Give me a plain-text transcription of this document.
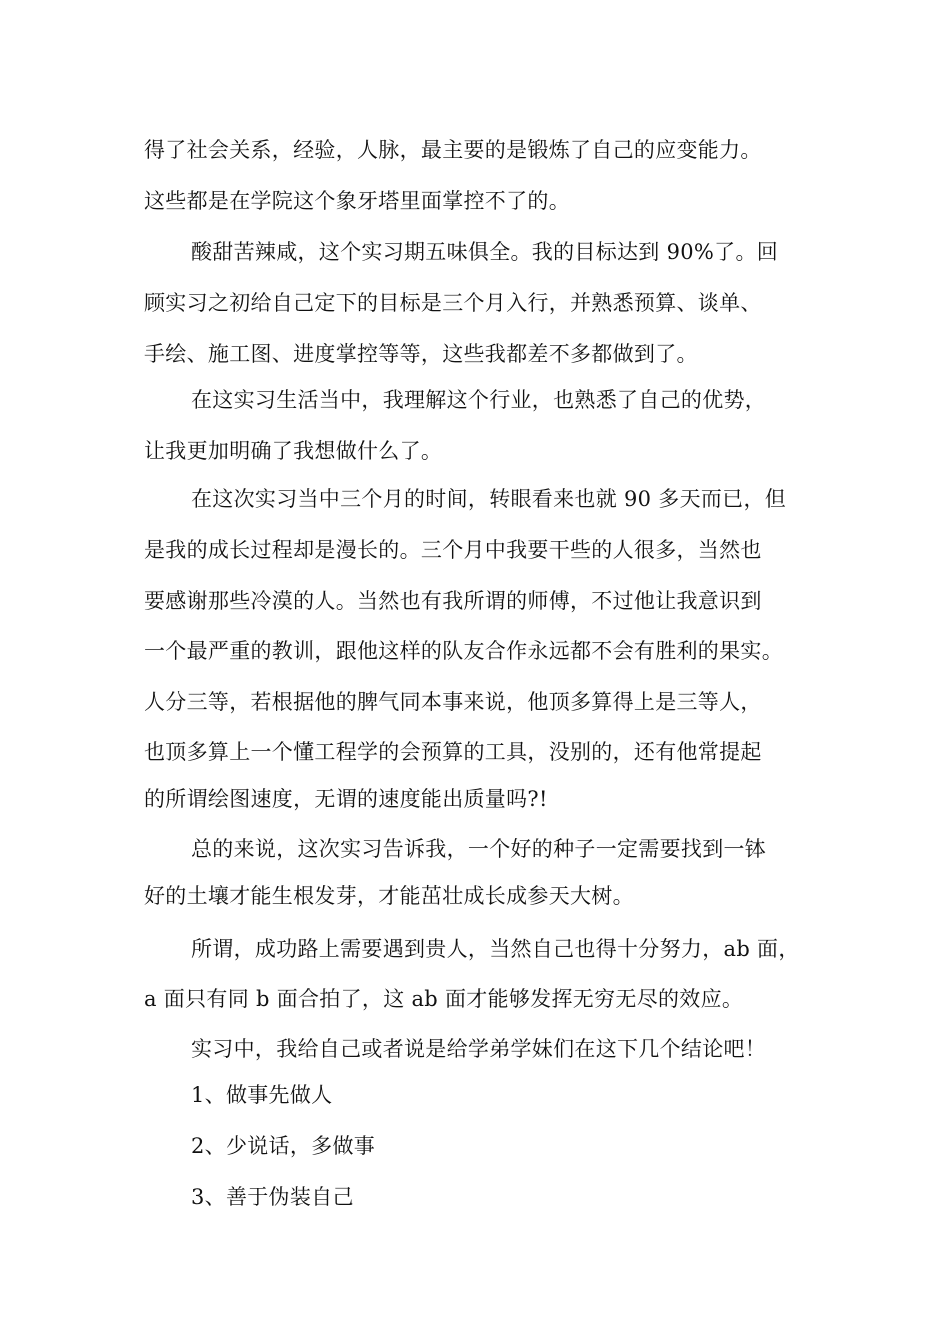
得了社会关系，经验，人脉，最主要的是锻炼了自己的应变能力。
这些都是在学院这个象牙塔里面掌控不了的。
酸甜苦辣咸，这个实习期五味俱全。我的目标达到 90%了。回
顾实习之初给自己定下的目标是三个月入行，并熟悉预算、谈单、
手绘、施工图、进度掌控等等，这些我都差不多都做到了。
在这实习生活当中，我理解这个行业，也熟悉了自己的优势，
让我更加明确了我想做什么了。
在这次实习当中三个月的时间，转眼看来也就 90 多天而已，但
是我的成长过程却是漫长的。三个月中我要干些的人很多，当然也
要感谢那些冷漠的人。当然也有我所谓的师傅，不过他让我意识到
一个最严重的教训，跟他这样的队友合作永远都不会有胜利的果实。
人分三等，若根据他的脾气同本事来说，他顶多算得上是三等人，
也顶多算上一个懂工程学的会预算的工具，没别的，还有他常提起
的所谓绘图速度，无谓的速度能出质量吗?!
总的来说，这次实习告诉我，一个好的种子一定需要找到一钵
好的土壤才能生根发芽，才能茁壮成长成参天大树。
所谓，成功路上需要遇到贵人，当然自己也得十分努力，ab 面，
a 面只有同 b 面合拍了，这 ab 面才能够发挥无穷无尽的效应。
实习中，我给自己或者说是给学弟学妹们在这下几个结论吧！
1、做事先做人
2、少说话，多做事
3、善于伪装自己
